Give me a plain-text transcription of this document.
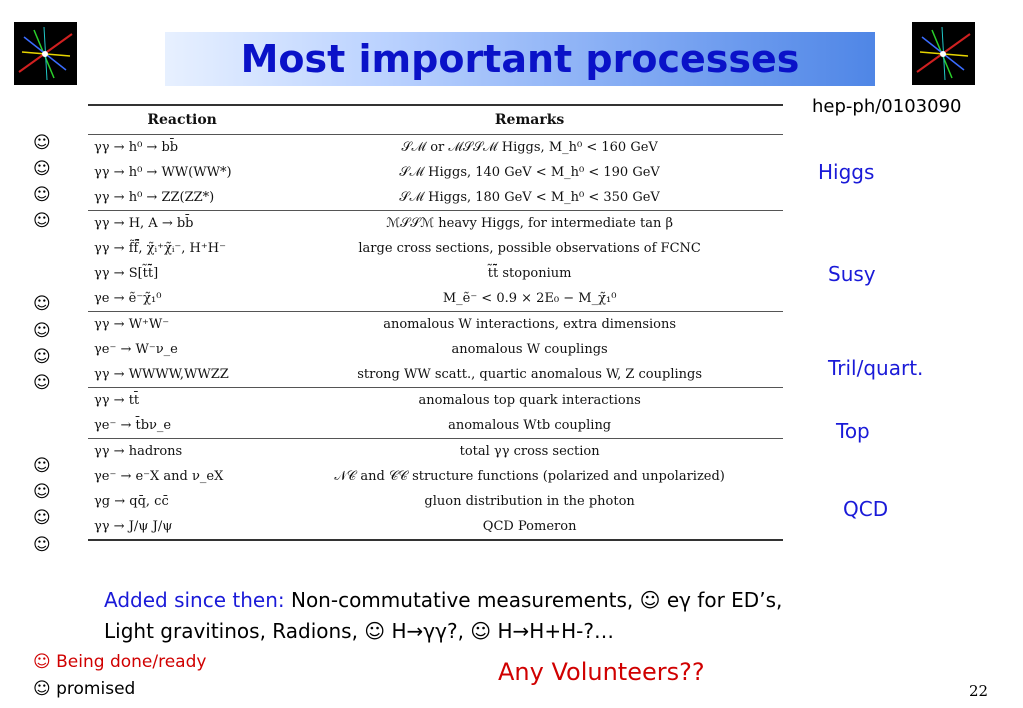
Most important processes
hep-ph/0103090
Reaction	Remarks
γγ → h⁰ → bb̄	𝒮ℳ or ℳ𝒮𝒮ℳ Higgs, M_h⁰ < 160 GeV
γγ → h⁰ → WW(WW*)	𝒮ℳ Higgs, 140 GeV < M_h⁰ < 190 GeV
γγ → h⁰ → ZZ(ZZ*)	𝒮ℳ Higgs, 180 GeV < M_h⁰ < 350 GeV
γγ → H, A → bb̄	ℳ𝒮𝒮ℳ heavy Higgs, for intermediate tan β
γγ → f̃f̃̄, χ̃ᵢ⁺χ̃ᵢ⁻, H⁺H⁻	large cross sections, possible observations of FCNC
γγ → S[t̃t̃̄]	t̃t̃̄ stoponium
γe → ẽ⁻χ̃₁⁰	M_ẽ⁻ < 0.9 × 2E₀ − M_χ̃₁⁰
γγ → W⁺W⁻	anomalous W interactions, extra dimensions
γe⁻ → W⁻ν_e	anomalous W couplings
γγ → WWWW,WWZZ	strong WW scatt., quartic anomalous W, Z couplings
γγ → tt̄	anomalous top quark interactions
γe⁻ → t̄bν_e	anomalous Wtb coupling
γγ → hadrons	total γγ cross section
γe⁻ → e⁻X and ν_eX	𝒩𝒞 and 𝒞𝒞 structure functions (polarized and unpolarized)
γg → qq̄, cc̄	gluon distribution in the photon
γγ → J/ψ J/ψ	QCD Pomeron
☺
☺
☺
☺
☺
☺
☺
☺
☺
☺
☺
☺
Higgs
Susy
Tril/quart.
Top
QCD
Added since then: Non-commutative measurements, ☺ eγ for ED’s,
Light gravitinos, Radions, ☺ H→γγ?, ☺ H→H+H-?…
☺ Being done/ready
☺ promised
Any Volunteers??
22
